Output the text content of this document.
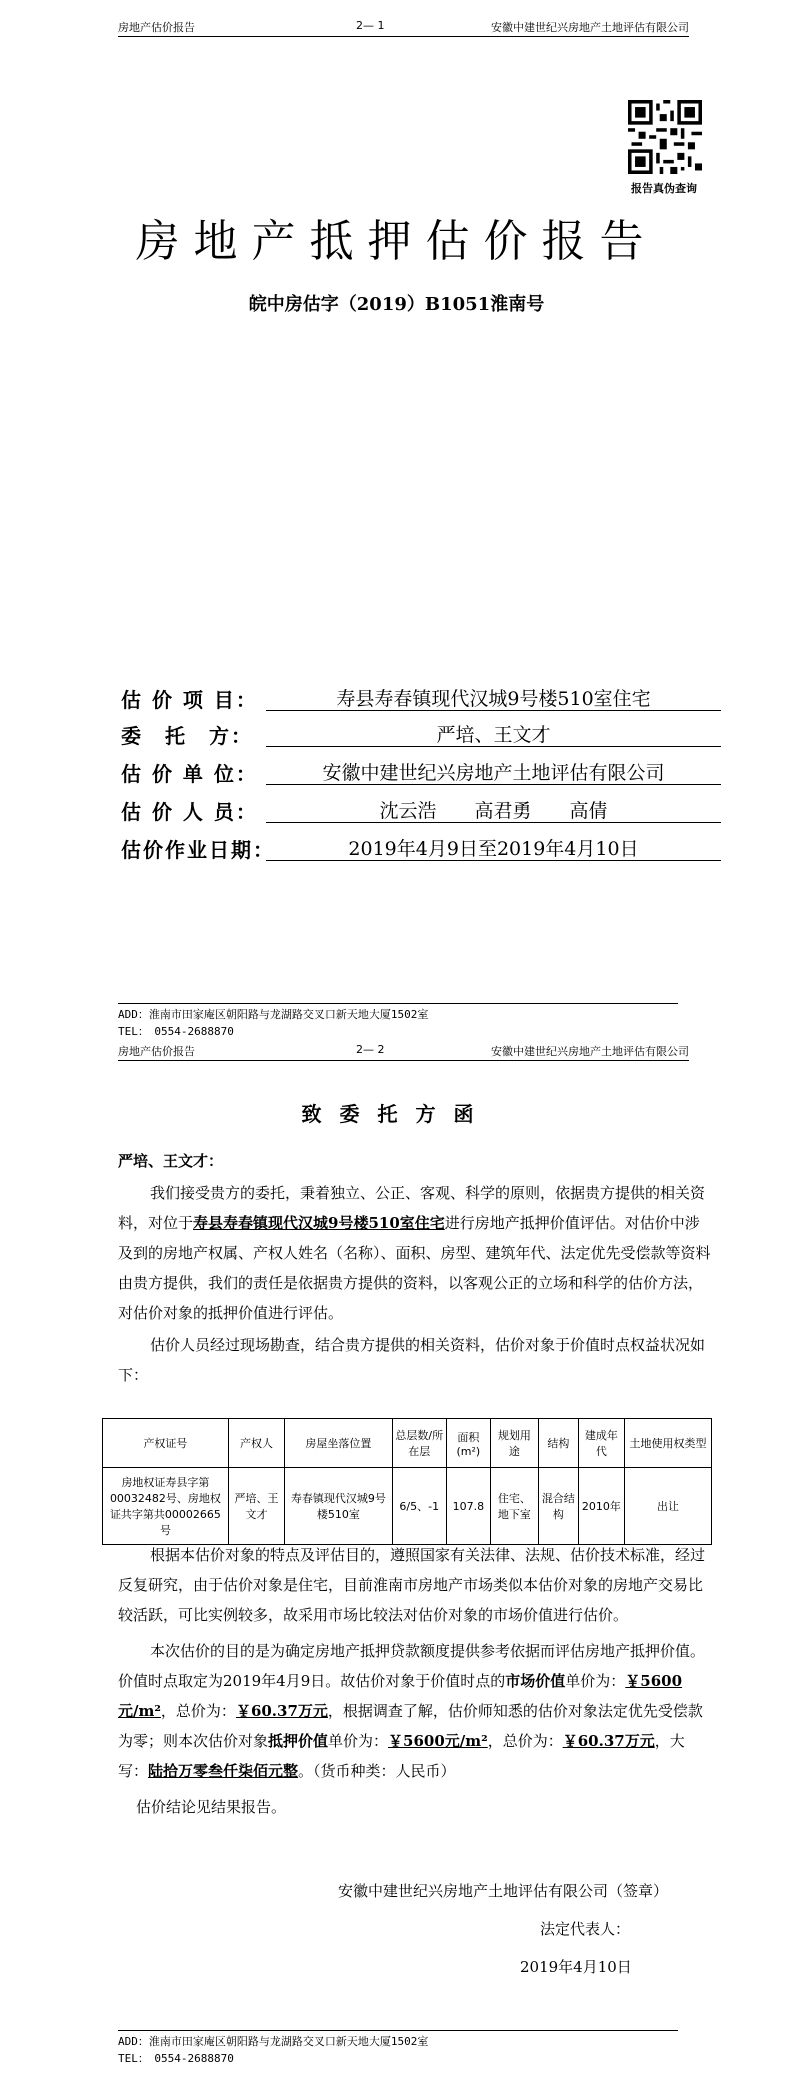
房地产估价报告	2— 1	安徽中建世纪兴房地产土地评估有限公司
报告真伪查询
房地产抵押估价报告
皖中房估字（2019）B1051淮南号
估 价 项 目：	寿县寿春镇现代汉城9号楼510室住宅
委　托　方：	严培、王文才
估 价 单 位：	安徽中建世纪兴房地产土地评估有限公司
估 价 人 员：	沈云浩　　高君勇　　高倩
估价作业日期：	2019年4月9日至2019年4月10日
ADD：淮南市田家庵区朝阳路与龙湖路交叉口新天地大厦1502室
TEL：　0554-2688870
房地产估价报告	2— 2	安徽中建世纪兴房地产土地评估有限公司
致委托方函
严培、王文才：
我们接受贵方的委托，秉着独立、公正、客观、科学的原则，依据贵方提供的相关资料，对位于寿县寿春镇现代汉城9号楼510室住宅进行房地产抵押价值评估。对估价中涉及到的房地产权属、产权人姓名（名称）、面积、房型、建筑年代、法定优先受偿款等资料由贵方提供，我们的责任是依据贵方提供的资料，以客观公正的立场和科学的估价方法，对估价对象的抵押价值进行评估。
估价人员经过现场勘查，结合贵方提供的相关资料，估价对象于价值时点权益状况如下：
产权证号	产权人	房屋坐落位置	总层数/所在层	面积(m²)	规划用途	结构	建成年代	土地使用权类型
房地权证寿县字第00032482号、房地权证共字第共00002665号	严培、王文才	寿春镇现代汉城9号楼510室	6/5、-1	107.8	住宅、地下室	混合结构	2010年	出让
根据本估价对象的特点及评估目的，遵照国家有关法律、法规、估价技术标准，经过反复研究，由于估价对象是住宅，目前淮南市房地产市场类似本估价对象的房地产交易比较活跃，可比实例较多，故采用市场比较法对估价对象的市场价值进行估价。
本次估价的目的是为确定房地产抵押贷款额度提供参考依据而评估房地产抵押价值。价值时点取定为2019年4月9日。故估价对象于价值时点的市场价值单价为：￥5600元/m²，总价为：￥60.37万元，根据调查了解，估价师知悉的估价对象法定优先受偿款为零；则本次估价对象抵押价值单价为：￥5600元/m²，总价为：￥60.37万元，大写：陆拾万零叁仟柒佰元整。（货币种类：人民币）
估价结论见结果报告。
安徽中建世纪兴房地产土地评估有限公司（签章）
法定代表人：
2019年4月10日
ADD：淮南市田家庵区朝阳路与龙湖路交叉口新天地大厦1502室
TEL：　0554-2688870
